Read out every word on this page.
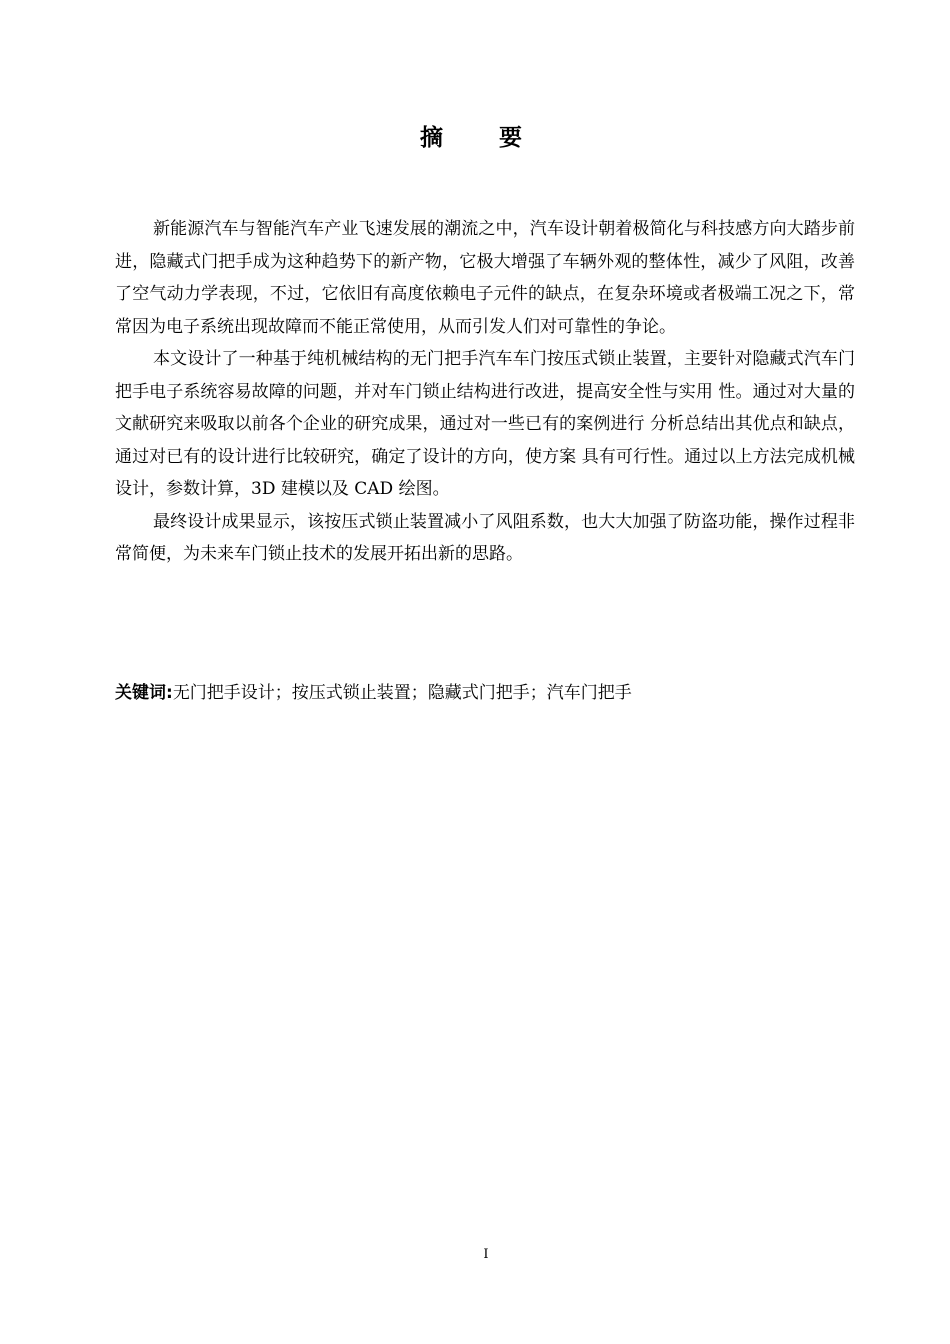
摘 要

新能源汽车与智能汽车产业飞速发展的潮流之中，汽车设计朝着极简化与科技感方向大踏步前进，隐藏式门把手成为这种趋势下的新产物，它极大增强了车辆外观的整体性，减少了风阻，改善了空气动力学表现，不过，它依旧有高度依赖电子元件的缺点，在复杂环境或者极端工况之下，常常因为电子系统出现故障而不能正常使用，从而引发人们对可靠性的争论。

本文设计了一种基于纯机械结构的无门把手汽车车门按压式锁止装置，主要针对隐藏式汽车门把手电子系统容易故障的问题，并对车门锁止结构进行改进，提高安全性与实用 性。通过对大量的文献研究来吸取以前各个企业的研究成果，通过对一些已有的案例进行 分析总结出其优点和缺点，通过对已有的设计进行比较研究，确定了设计的方向，使方案 具有可行性。通过以上方法完成机械设计，参数计算，3D 建模以及 CAD 绘图。

最终设计成果显示，该按压式锁止装置减小了风阻系数，也大大加强了防盗功能，操作过程非常简便，为未来车门锁止技术的发展开拓出新的思路。

关键词:无门把手设计；按压式锁止装置；隐藏式门把手；汽车门把手
I
